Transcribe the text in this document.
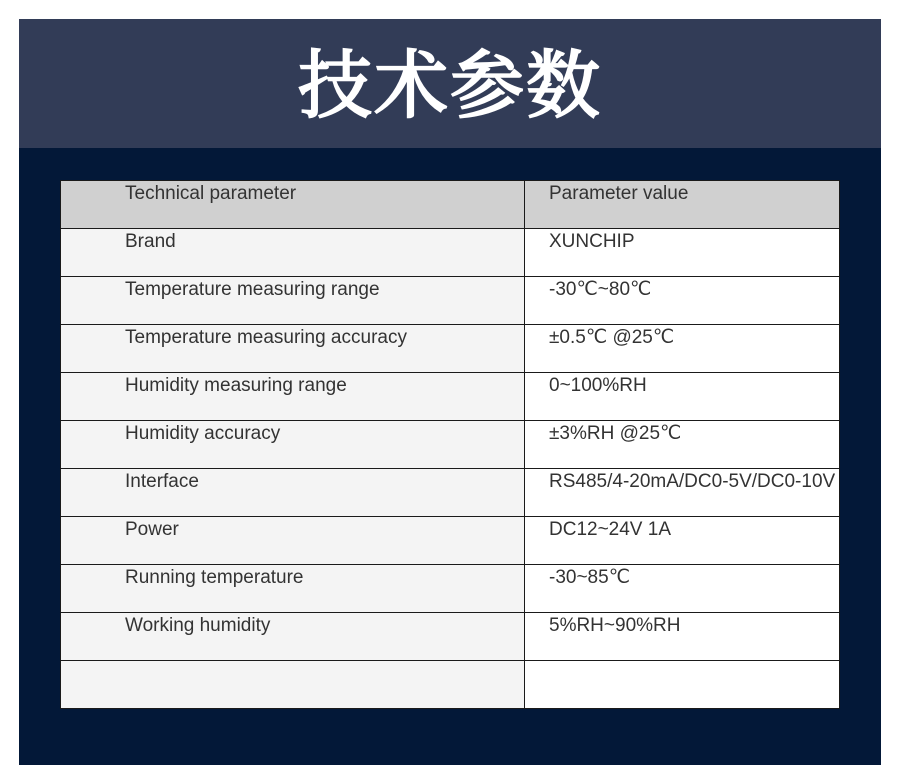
技术参数
Technical parameter	Parameter value
Brand	XUNCHIP
Temperature measuring range	-30℃~80℃
Temperature measuring accuracy	±0.5℃ @25℃
Humidity measuring range	0~100%RH
Humidity accuracy	±3%RH @25℃
Interface	RS485/4-20mA/DC0-5V/DC0-10V
Power	DC12~24V 1A
Running temperature	-30~85℃
Working humidity	5%RH~90%RH
